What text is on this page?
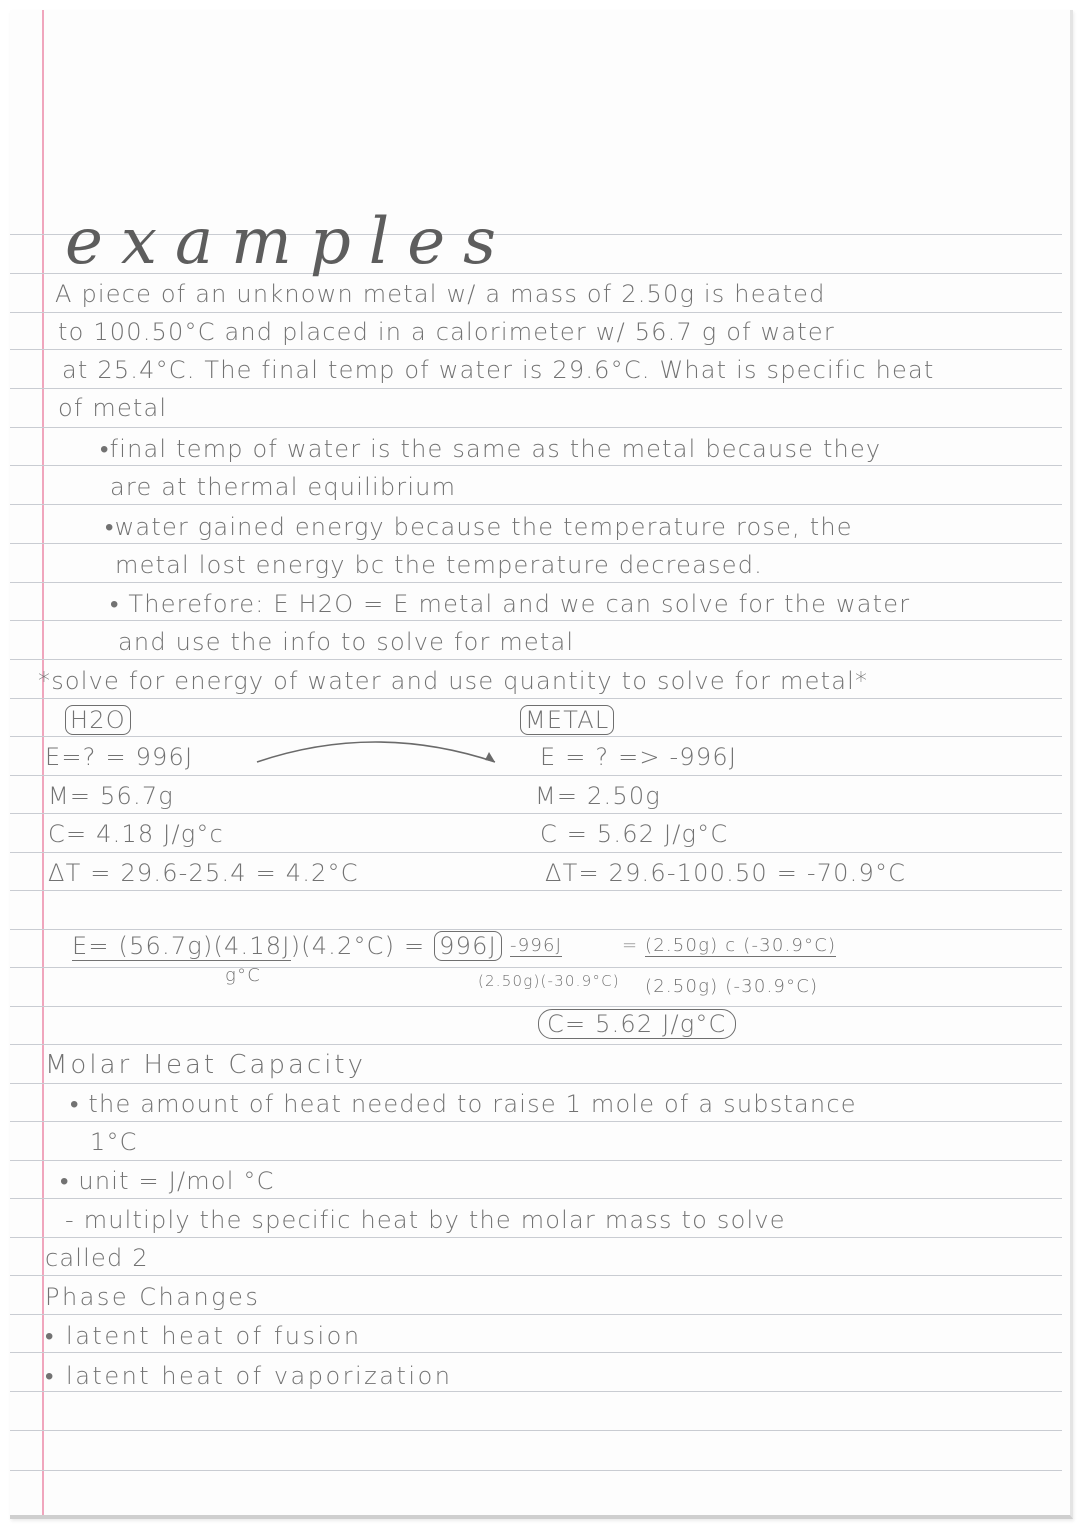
examples
A piece of an unknown metal w/ a mass of 2.50g is heated
to 100.50°C and placed in a calorimeter w/ 56.7 g of water
at 25.4°C. The final temp of water is 29.6°C. What is specific heat
of metal
•final temp of water is the same as the metal because they
are at thermal equilibrium
•water gained energy because the temperature rose, the
metal lost energy bc the temperature decreased.
• Therefore: E H2O = E metal and we can solve for the water
and use the info to solve for metal
*solve for energy of water and use quantity to solve for metal*
H2O
E=? = 996J
M= 56.7g
C= 4.18 J/g°c
ΔT = 29.6-25.4 = 4.2°C
METAL
E = ? => -996J
M= 2.50g
C = 5.62 J/g°C
ΔT= 29.6-100.50 = -70.9°C
E= (56.7g)(4.18J)(4.2°C) = 996J
g°C
-996J	= (2.50g) c (-30.9°C)
(2.50g)(-30.9°C) (2.50g) (-30.9°C)
C= 5.62 J/g°C
Molar Heat Capacity
• the amount of heat needed to raise 1 mole of a substance
1°C
• unit = J/mol °C
- multiply the specific heat by the molar mass to solve
called 2
Phase Changes
• latent heat of fusion
• latent heat of vaporization
